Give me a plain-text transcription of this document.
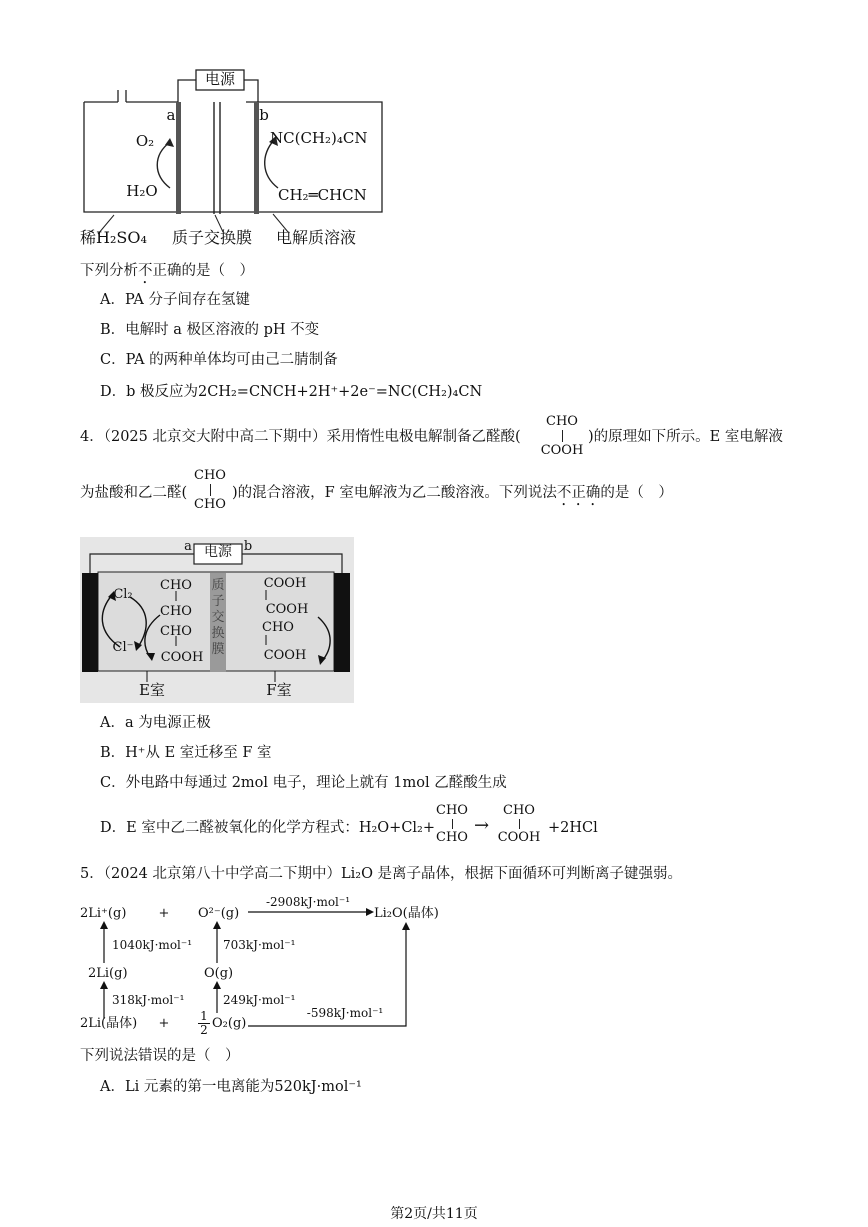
电源
a	b
O₂
H₂O
NC(CH₂)₄CN
CH₂═CHCN
稀H₂SO₄ 质子交换膜	电解质溶液
下列分析不正确的是（　）
A．PA 分子间存在氢键
B．电解时 a 极区溶液的 pH 不变
C．PA 的两种单体均可由己二腈制备
D．b 极反应为2CH₂=CNCH+2H⁺+2e⁻=NC(CH₂)₄CN
4．（2025 北京交大附中高二下期中）采用惰性电极电解制备乙醛酸(
CHO
COOH
)的原理如下所示。E 室电解液
为盐酸和乙二醛(
CHO
CHO
)的混合溶液，F 室电解液为乙二酸溶液。下列说法不正确的是（　）
a	b
电源
Cl₂
Cl⁻
CHO
CHO
CHO
COOH
COOH
COOH
CHO
COOH
质子交换膜
E室	F室
A．a 为电源正极
B．H⁺从 E 室迁移至 F 室
C．外电路中每通过 2mol 电子，理论上就有 1mol 乙醛酸生成
D．E 室中乙二醛被氧化的化学方程式：H₂O+Cl₂+
CHO
CHO
→
CHO
COOH
+2HCl
5．（2024 北京第八十中学高二下期中）Li₂O 是离子晶体，根据下面循环可判断离子键强弱。
2Li⁺(g)	+ O²⁻(g)
-2908kJ·mol⁻¹
Li₂O(晶体)
1040kJ·mol⁻¹	703kJ·mol⁻¹
2Li(g)	O(g)
318kJ·mol⁻¹	249kJ·mol⁻¹
2Li(晶体)	+	1
2 O₂(g)
-598kJ·mol⁻¹
下列说法错误的是（　）
A．Li 元素的第一电离能为520kJ·mol⁻¹
第2页/共11页
